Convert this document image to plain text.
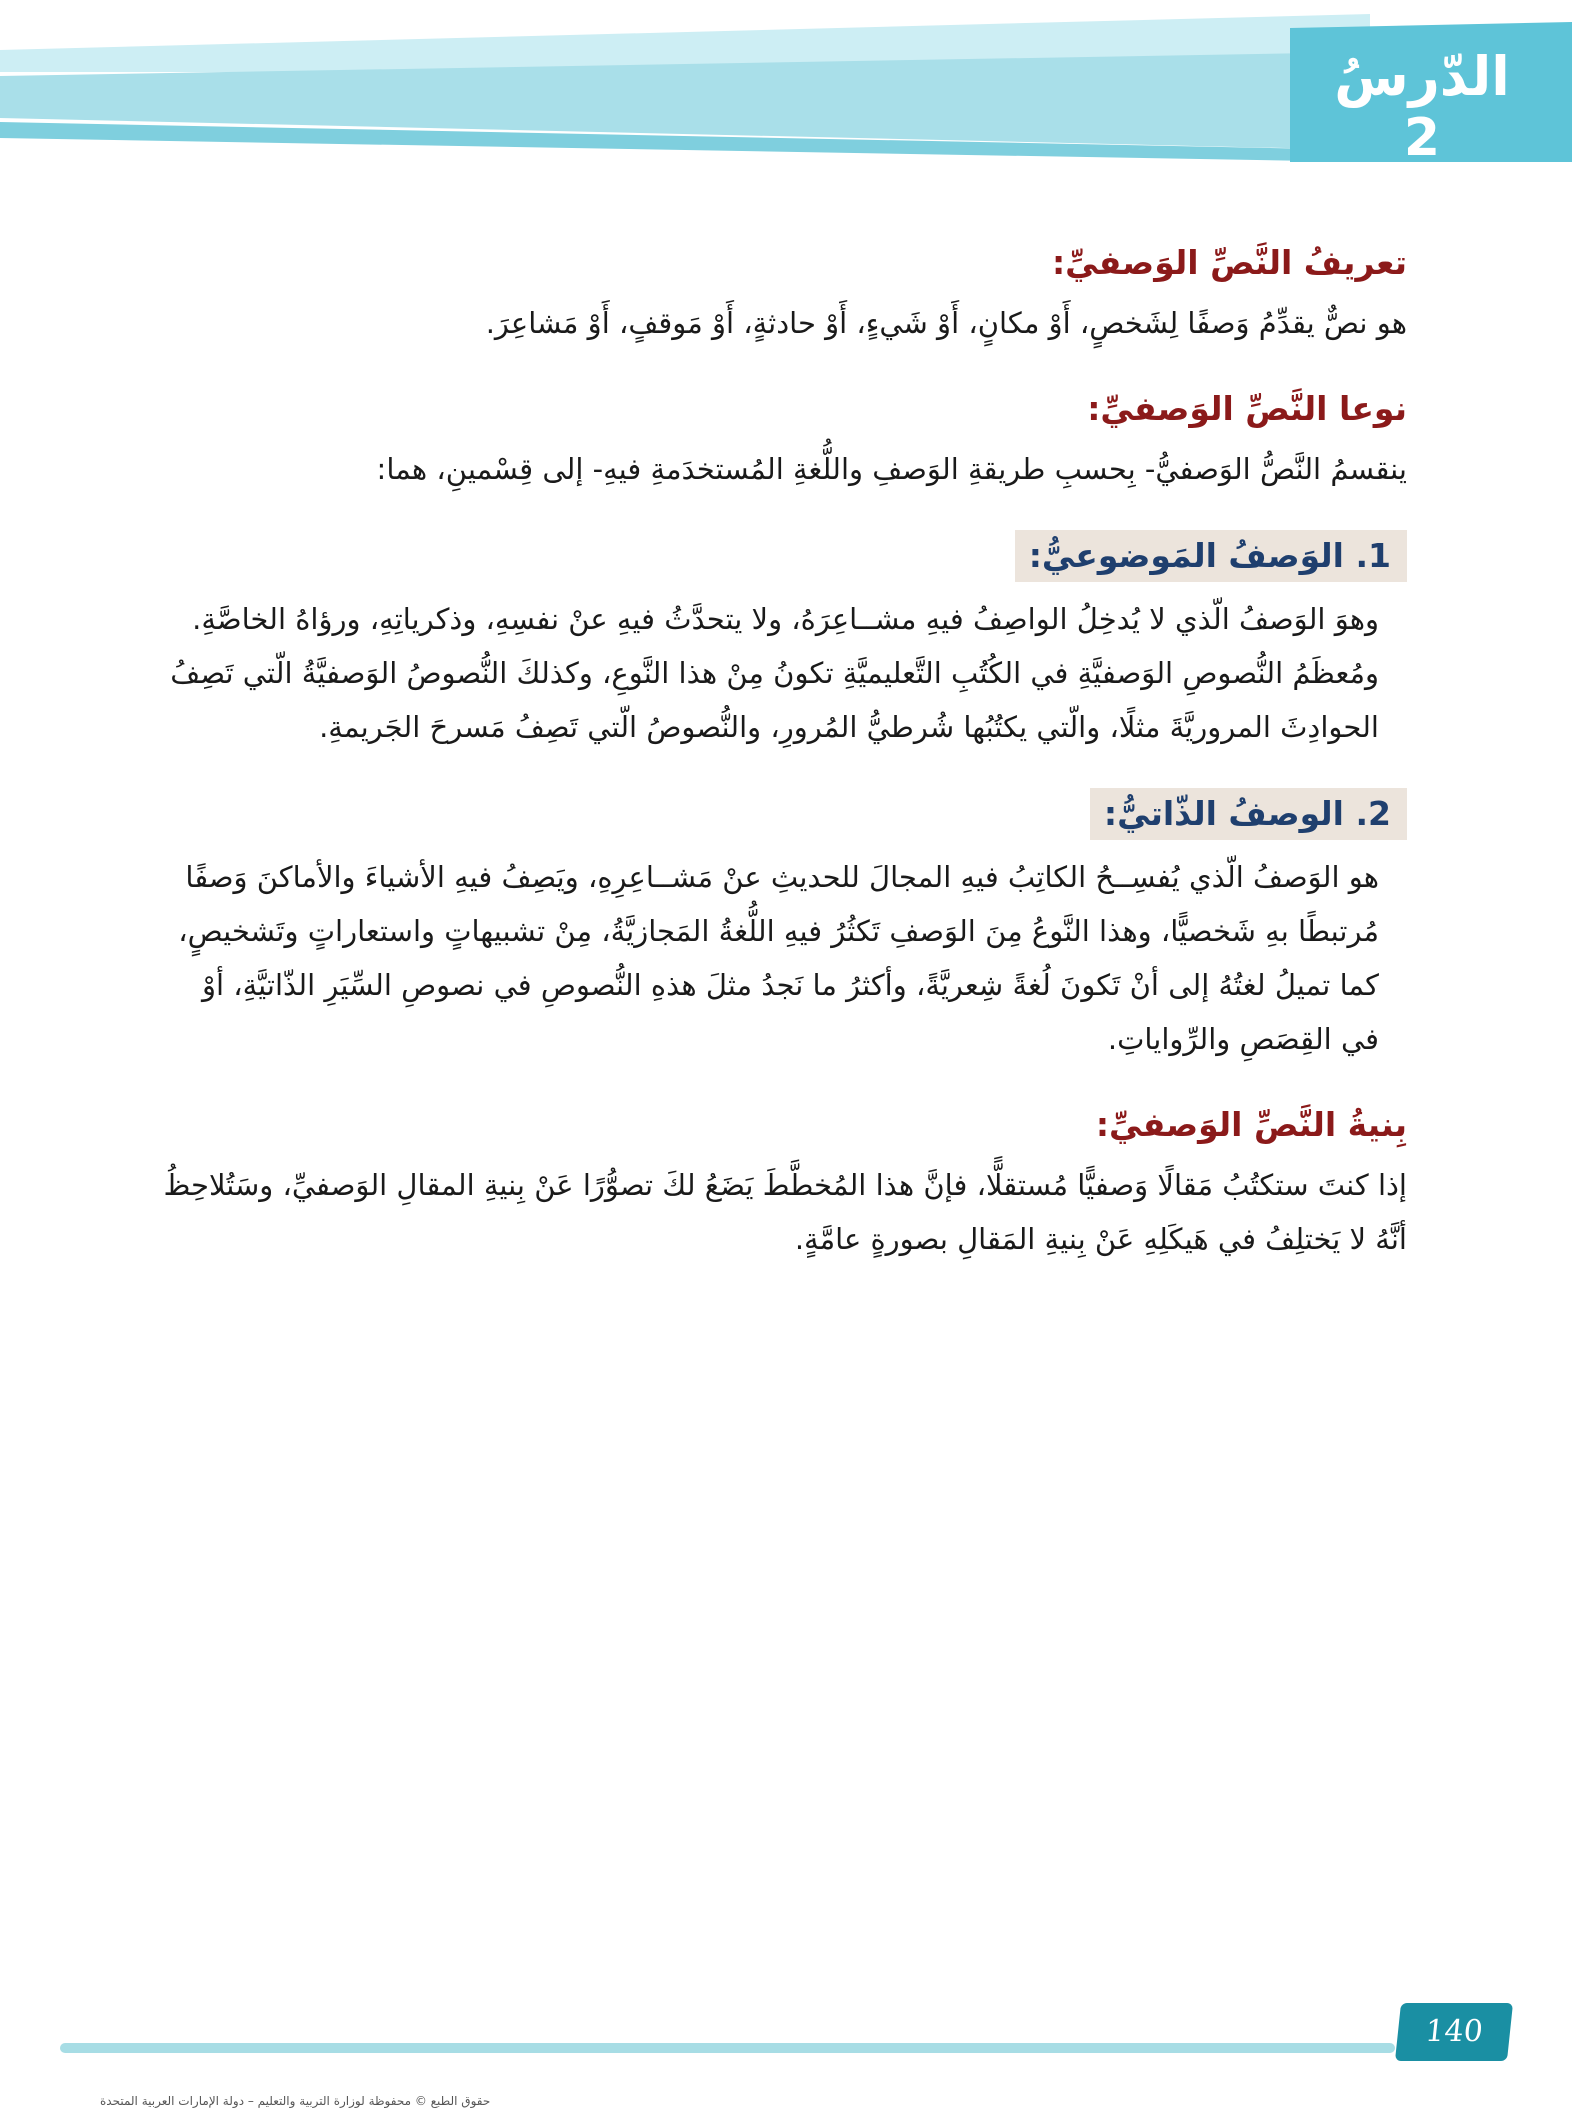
الدّرسُ
2
تعريفُ النَّصِّ الوَصفيِّ:

هو نصٌّ يقدِّمُ وَصفًا لِشَخصٍ، أَوْ مكانٍ، أَوْ شَيءٍ، أَوْ حادثةٍ، أَوْ مَوقفٍ، أَوْ مَشاعِرَ.

نوعا النَّصِّ الوَصفيِّ:

ينقسمُ النَّصُّ الوَصفيُّ- بِحسبِ طريقةِ الوَصفِ واللُّغةِ المُستخدَمةِ فيهِ- إلى قِسْمينِ، هما:

1. الوَصفُ المَوضوعيُّ:

وهوَ الوَصفُ الّذي لا يُدخِلُ الواصِفُ فيهِ مشــاعِرَهُ، ولا يتحدَّثُ فيهِ عنْ نفسِهِ، وذكرياتِهِ، ورؤاهُ الخاصَّةِ. ومُعظَمُ النُّصوصِ الوَصفيَّةِ في الكُتُبِ التَّعليميَّةِ تكونُ مِنْ هذا النَّوعِ، وكذلكَ النُّصوصُ الوَصفيَّةُ الّتي تَصِفُ الحوادِثَ المروريَّةَ مثلًا، والّتي يكتُبُها شُرطيُّ المُرورِ، والنُّصوصُ الّتي تَصِفُ مَسرحَ الجَريمةِ.

2. الوصفُ الذّاتيُّ:

هو الوَصفُ الّذي يُفسِــحُ الكاتِبُ فيهِ المجالَ للحديثِ عنْ مَشــاعِرِهِ، ويَصِفُ فيهِ الأشياءَ والأماكنَ وَصفًا مُرتبطًا بهِ شَخصيًّا، وهذا النَّوعُ مِنَ الوَصفِ تَكثُرُ فيهِ اللُّغةُ المَجازيَّةُ، مِنْ تشبيهاتٍ واستعاراتٍ وتَشخيصٍ، كما تميلُ لغتُهُ إلى أنْ تَكونَ لُغةً شِعريَّةً، وأكثرُ ما نَجدُ مثلَ هذهِ النُّصوصِ في نصوصِ السِّيَرِ الذّاتيَّةِ، أوْ في القِصَصِ والرِّواياتِ.

بِنيةُ النَّصِّ الوَصفيِّ:

إذا كنتَ ستكتُبُ مَقالًا وَصفيًّا مُستقلًّا، فإنَّ هذا المُخطَّطَ يَضَعُ لكَ تصوُّرًا عَنْ بِنيةِ المقالِ الوَصفيِّ، وسَتُلاحِظُ أنَّهُ لا يَختلِفُ في هَيكَلِهِ عَنْ بِنيةِ المَقالِ بصورةٍ عامَّةٍ.

140
حقوق الطبع © محفوظة لوزارة التربية والتعليم – دولة الإمارات العربية المتحدة
